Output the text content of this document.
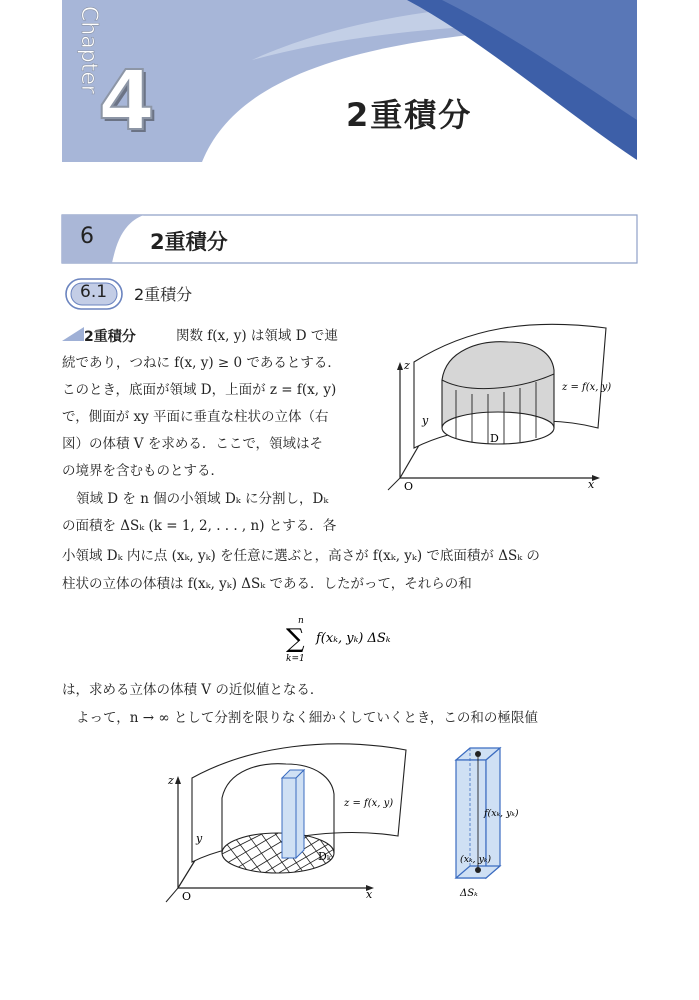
Chapter
4	2重積分
6	2重積分
6.1 2重積分
2重積分	関数 f(x, y) は領域 D で連
続であり，つねに f(x, y) ≥ 0 であるとする．
このとき，底面が領域 D，上面が z = f(x, y)
で，側面が xy 平面に垂直な柱状の立体（右
図）の体積 V を求める．ここで，領域はそ
の境界を含むものとする．
領域 D を n 個の小領域 Dₖ に分割し，Dₖ
の面積を ΔSₖ (k = 1, 2, . . . , n) とする．各
小領域 Dₖ 内に点 (xₖ, yₖ) を任意に選ぶと，高さが f(xₖ, yₖ) で底面積が ΔSₖ の
柱状の立体の体積は f(xₖ, yₖ) ΔSₖ である．したがって，それらの和
は，求める立体の体積 V の近似値となる．
よって，n → ∞ として分割を限りなく細かくしていくとき，この和の極限値
n
∑
k=1
f(xₖ, yₖ) ΔSₖ
z
y
x
O
D
z = f(x, y)
z
y
x
O
Dₖ
z = f(x, y)
f(xₖ, yₖ)
(xₖ, yₖ)
ΔSₖ
